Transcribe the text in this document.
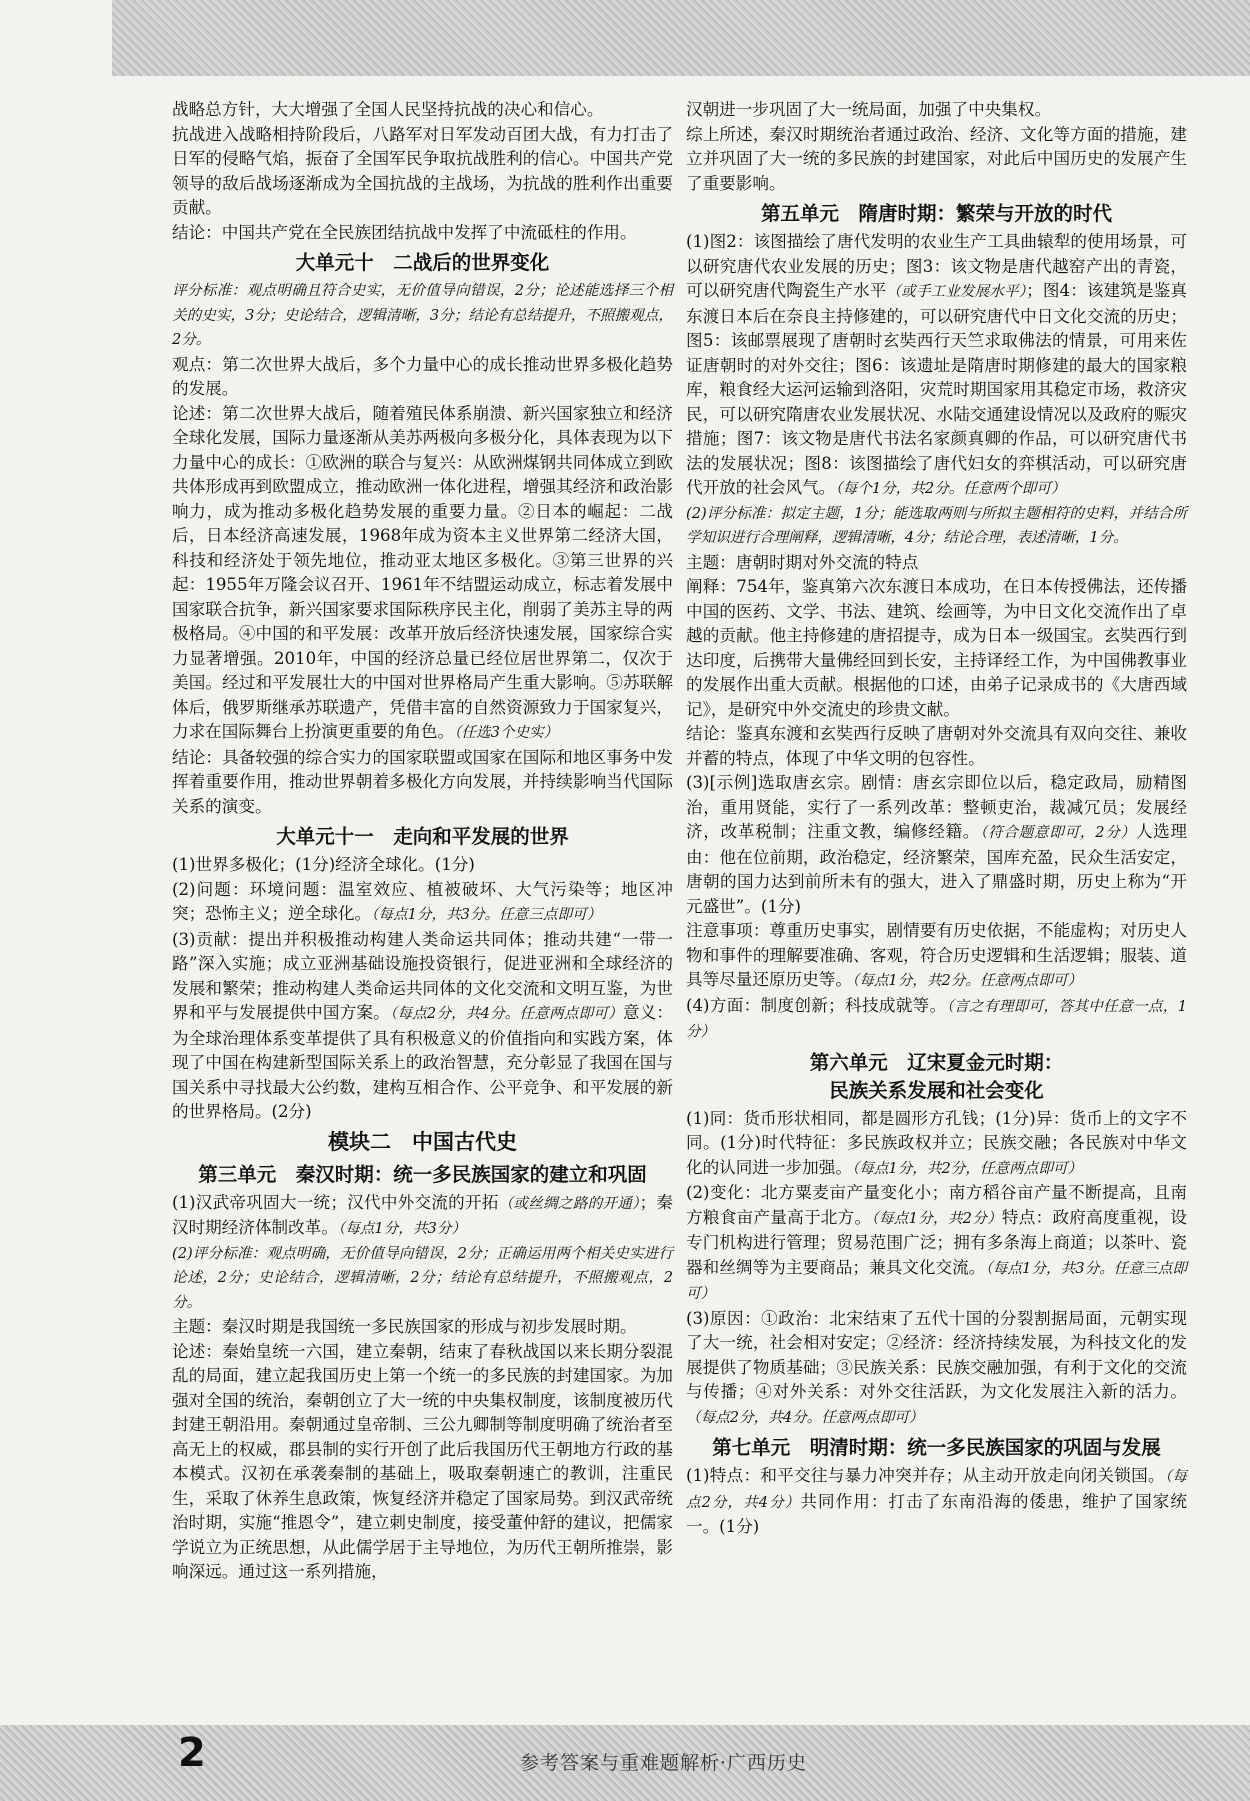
战略总方针，大大增强了全国人民坚持抗战的决心和信心。

抗战进入战略相持阶段后，八路军对日军发动百团大战，有力打击了日军的侵略气焰，振奋了全国军民争取抗战胜利的信心。中国共产党领导的敌后战场逐渐成为全国抗战的主战场，为抗战的胜利作出重要贡献。

结论：中国共产党在全民族团结抗战中发挥了中流砥柱的作用。

大单元十　二战后的世界变化

评分标准：观点明确且符合史实，无价值导向错误，2分；论述能选择三个相关的史实，3分；史论结合，逻辑清晰，3分；结论有总结提升，不照搬观点，2分。

观点：第二次世界大战后，多个力量中心的成长推动世界多极化趋势的发展。

论述：第二次世界大战后，随着殖民体系崩溃、新兴国家独立和经济全球化发展，国际力量逐渐从美苏两极向多极分化，具体表现为以下力量中心的成长：①欧洲的联合与复兴：从欧洲煤钢共同体成立到欧共体形成再到欧盟成立，推动欧洲一体化进程，增强其经济和政治影响力，成为推动多极化趋势发展的重要力量。②日本的崛起：二战后，日本经济高速发展，1968年成为资本主义世界第二经济大国，科技和经济处于领先地位，推动亚太地区多极化。③第三世界的兴起：1955年万隆会议召开、1961年不结盟运动成立，标志着发展中国家联合抗争，新兴国家要求国际秩序民主化，削弱了美苏主导的两极格局。④中国的和平发展：改革开放后经济快速发展，国家综合实力显著增强。2010年，中国的经济总量已经位居世界第二，仅次于美国。经过和平发展壮大的中国对世界格局产生重大影响。⑤苏联解体后，俄罗斯继承苏联遗产，凭借丰富的自然资源致力于国家复兴，力求在国际舞台上扮演更重要的角色。（任选3个史实）

结论：具备较强的综合实力的国家联盟或国家在国际和地区事务中发挥着重要作用，推动世界朝着多极化方向发展，并持续影响当代国际关系的演变。

大单元十一　走向和平发展的世界

(1)世界多极化；(1分)经济全球化。(1分)

(2)问题：环境问题：温室效应、植被破坏、大气污染等；地区冲突；恐怖主义；逆全球化。（每点1分，共3分。任意三点即可）

(3)贡献：提出并积极推动构建人类命运共同体；推动共建“一带一路”深入实施；成立亚洲基础设施投资银行，促进亚洲和全球经济的发展和繁荣；推动构建人类命运共同体的文化交流和文明互鉴，为世界和平与发展提供中国方案。（每点2分，共4分。任意两点即可）意义：为全球治理体系变革提供了具有积极意义的价值指向和实践方案，体现了中国在构建新型国际关系上的政治智慧，充分彰显了我国在国与国关系中寻找最大公约数，建构互相合作、公平竞争、和平发展的新的世界格局。(2分)

模块二　中国古代史
第三单元　秦汉时期：统一多民族国家的建立和巩固

(1)汉武帝巩固大一统；汉代中外交流的开拓（或丝绸之路的开通）；秦汉时期经济体制改革。（每点1分，共3分）

(2)评分标准：观点明确，无价值导向错误，2分；正确运用两个相关史实进行论述，2分；史论结合，逻辑清晰，2分；结论有总结提升，不照搬观点，2分。

主题：秦汉时期是我国统一多民族国家的形成与初步发展时期。

论述：秦始皇统一六国，建立秦朝，结束了春秋战国以来长期分裂混乱的局面，建立起我国历史上第一个统一的多民族的封建国家。为加强对全国的统治，秦朝创立了大一统的中央集权制度，该制度被历代封建王朝沿用。秦朝通过皇帝制、三公九卿制等制度明确了统治者至高无上的权威，郡县制的实行开创了此后我国历代王朝地方行政的基本模式。汉初在承袭秦制的基础上，吸取秦朝速亡的教训，注重民生，采取了休养生息政策，恢复经济并稳定了国家局势。到汉武帝统治时期，实施“推恩令”，建立刺史制度，接受董仲舒的建议，把儒家学说立为正统思想，从此儒学居于主导地位，为历代王朝所推崇，影响深远。通过这一系列措施，

汉朝进一步巩固了大一统局面，加强了中央集权。

综上所述，秦汉时期统治者通过政治、经济、文化等方面的措施，建立并巩固了大一统的多民族的封建国家，对此后中国历史的发展产生了重要影响。

第五单元　隋唐时期：繁荣与开放的时代

(1)图2：该图描绘了唐代发明的农业生产工具曲辕犁的使用场景，可以研究唐代农业发展的历史；图3：该文物是唐代越窑产出的青瓷，可以研究唐代陶瓷生产水平（或手工业发展水平）；图4：该建筑是鉴真东渡日本后在奈良主持修建的，可以研究唐代中日文化交流的历史；图5：该邮票展现了唐朝时玄奘西行天竺求取佛法的情景，可用来佐证唐朝时的对外交往；图6：该遗址是隋唐时期修建的最大的国家粮库，粮食经大运河运输到洛阳，灾荒时期国家用其稳定市场，救济灾民，可以研究隋唐农业发展状况、水陆交通建设情况以及政府的赈灾措施；图7：该文物是唐代书法名家颜真卿的作品，可以研究唐代书法的发展状况；图8：该图描绘了唐代妇女的弈棋活动，可以研究唐代开放的社会风气。（每个1分，共2分。任意两个即可）

(2)评分标准：拟定主题，1分；能选取两则与所拟主题相符的史料，并结合所学知识进行合理阐释，逻辑清晰，4分；结论合理，表述清晰，1分。

主题：唐朝时期对外交流的特点

阐释：754年，鉴真第六次东渡日本成功，在日本传授佛法，还传播中国的医药、文学、书法、建筑、绘画等，为中日文化交流作出了卓越的贡献。他主持修建的唐招提寺，成为日本一级国宝。玄奘西行到达印度，后携带大量佛经回到长安，主持译经工作，为中国佛教事业的发展作出重大贡献。根据他的口述，由弟子记录成书的《大唐西域记》，是研究中外交流史的珍贵文献。

结论：鉴真东渡和玄奘西行反映了唐朝对外交流具有双向交往、兼收并蓄的特点，体现了中华文明的包容性。

(3)[示例]选取唐玄宗。剧情：唐玄宗即位以后，稳定政局，励精图治，重用贤能，实行了一系列改革：整顿吏治，裁减冗员；发展经济，改革税制；注重文教，编修经籍。（符合题意即可，2分）人选理由：他在位前期，政治稳定，经济繁荣，国库充盈，民众生活安定，唐朝的国力达到前所未有的强大，进入了鼎盛时期，历史上称为“开元盛世”。(1分)

注意事项：尊重历史事实，剧情要有历史依据，不能虚构；对历史人物和事件的理解要准确、客观，符合历史逻辑和生活逻辑；服装、道具等尽量还原历史等。（每点1分，共2分。任意两点即可）

(4)方面：制度创新；科技成就等。（言之有理即可，答其中任意一点，1分）

第六单元　辽宋夏金元时期：
民族关系发展和社会变化

(1)同：货币形状相同，都是圆形方孔钱；(1分)异：货币上的文字不同。(1分)时代特征：多民族政权并立；民族交融；各民族对中华文化的认同进一步加强。（每点1分，共2分，任意两点即可）

(2)变化：北方粟麦亩产量变化小；南方稻谷亩产量不断提高，且南方粮食亩产量高于北方。（每点1分，共2分）特点：政府高度重视，设专门机构进行管理；贸易范围广泛；拥有多条海上商道；以茶叶、瓷器和丝绸等为主要商品；兼具文化交流。（每点1分，共3分。任意三点即可）

(3)原因：①政治：北宋结束了五代十国的分裂割据局面，元朝实现了大一统，社会相对安定；②经济：经济持续发展，为科技文化的发展提供了物质基础；③民族关系：民族交融加强，有利于文化的交流与传播；④对外关系：对外交往活跃，为文化发展注入新的活力。（每点2分，共4分。任意两点即可）

第七单元　明清时期：统一多民族国家的巩固与发展

(1)特点：和平交往与暴力冲突并存；从主动开放走向闭关锁国。（每点2分，共4分）共同作用：打击了东南沿海的倭患，维护了国家统一。(1分)

2	参考答案与重难题解析·广西历史
